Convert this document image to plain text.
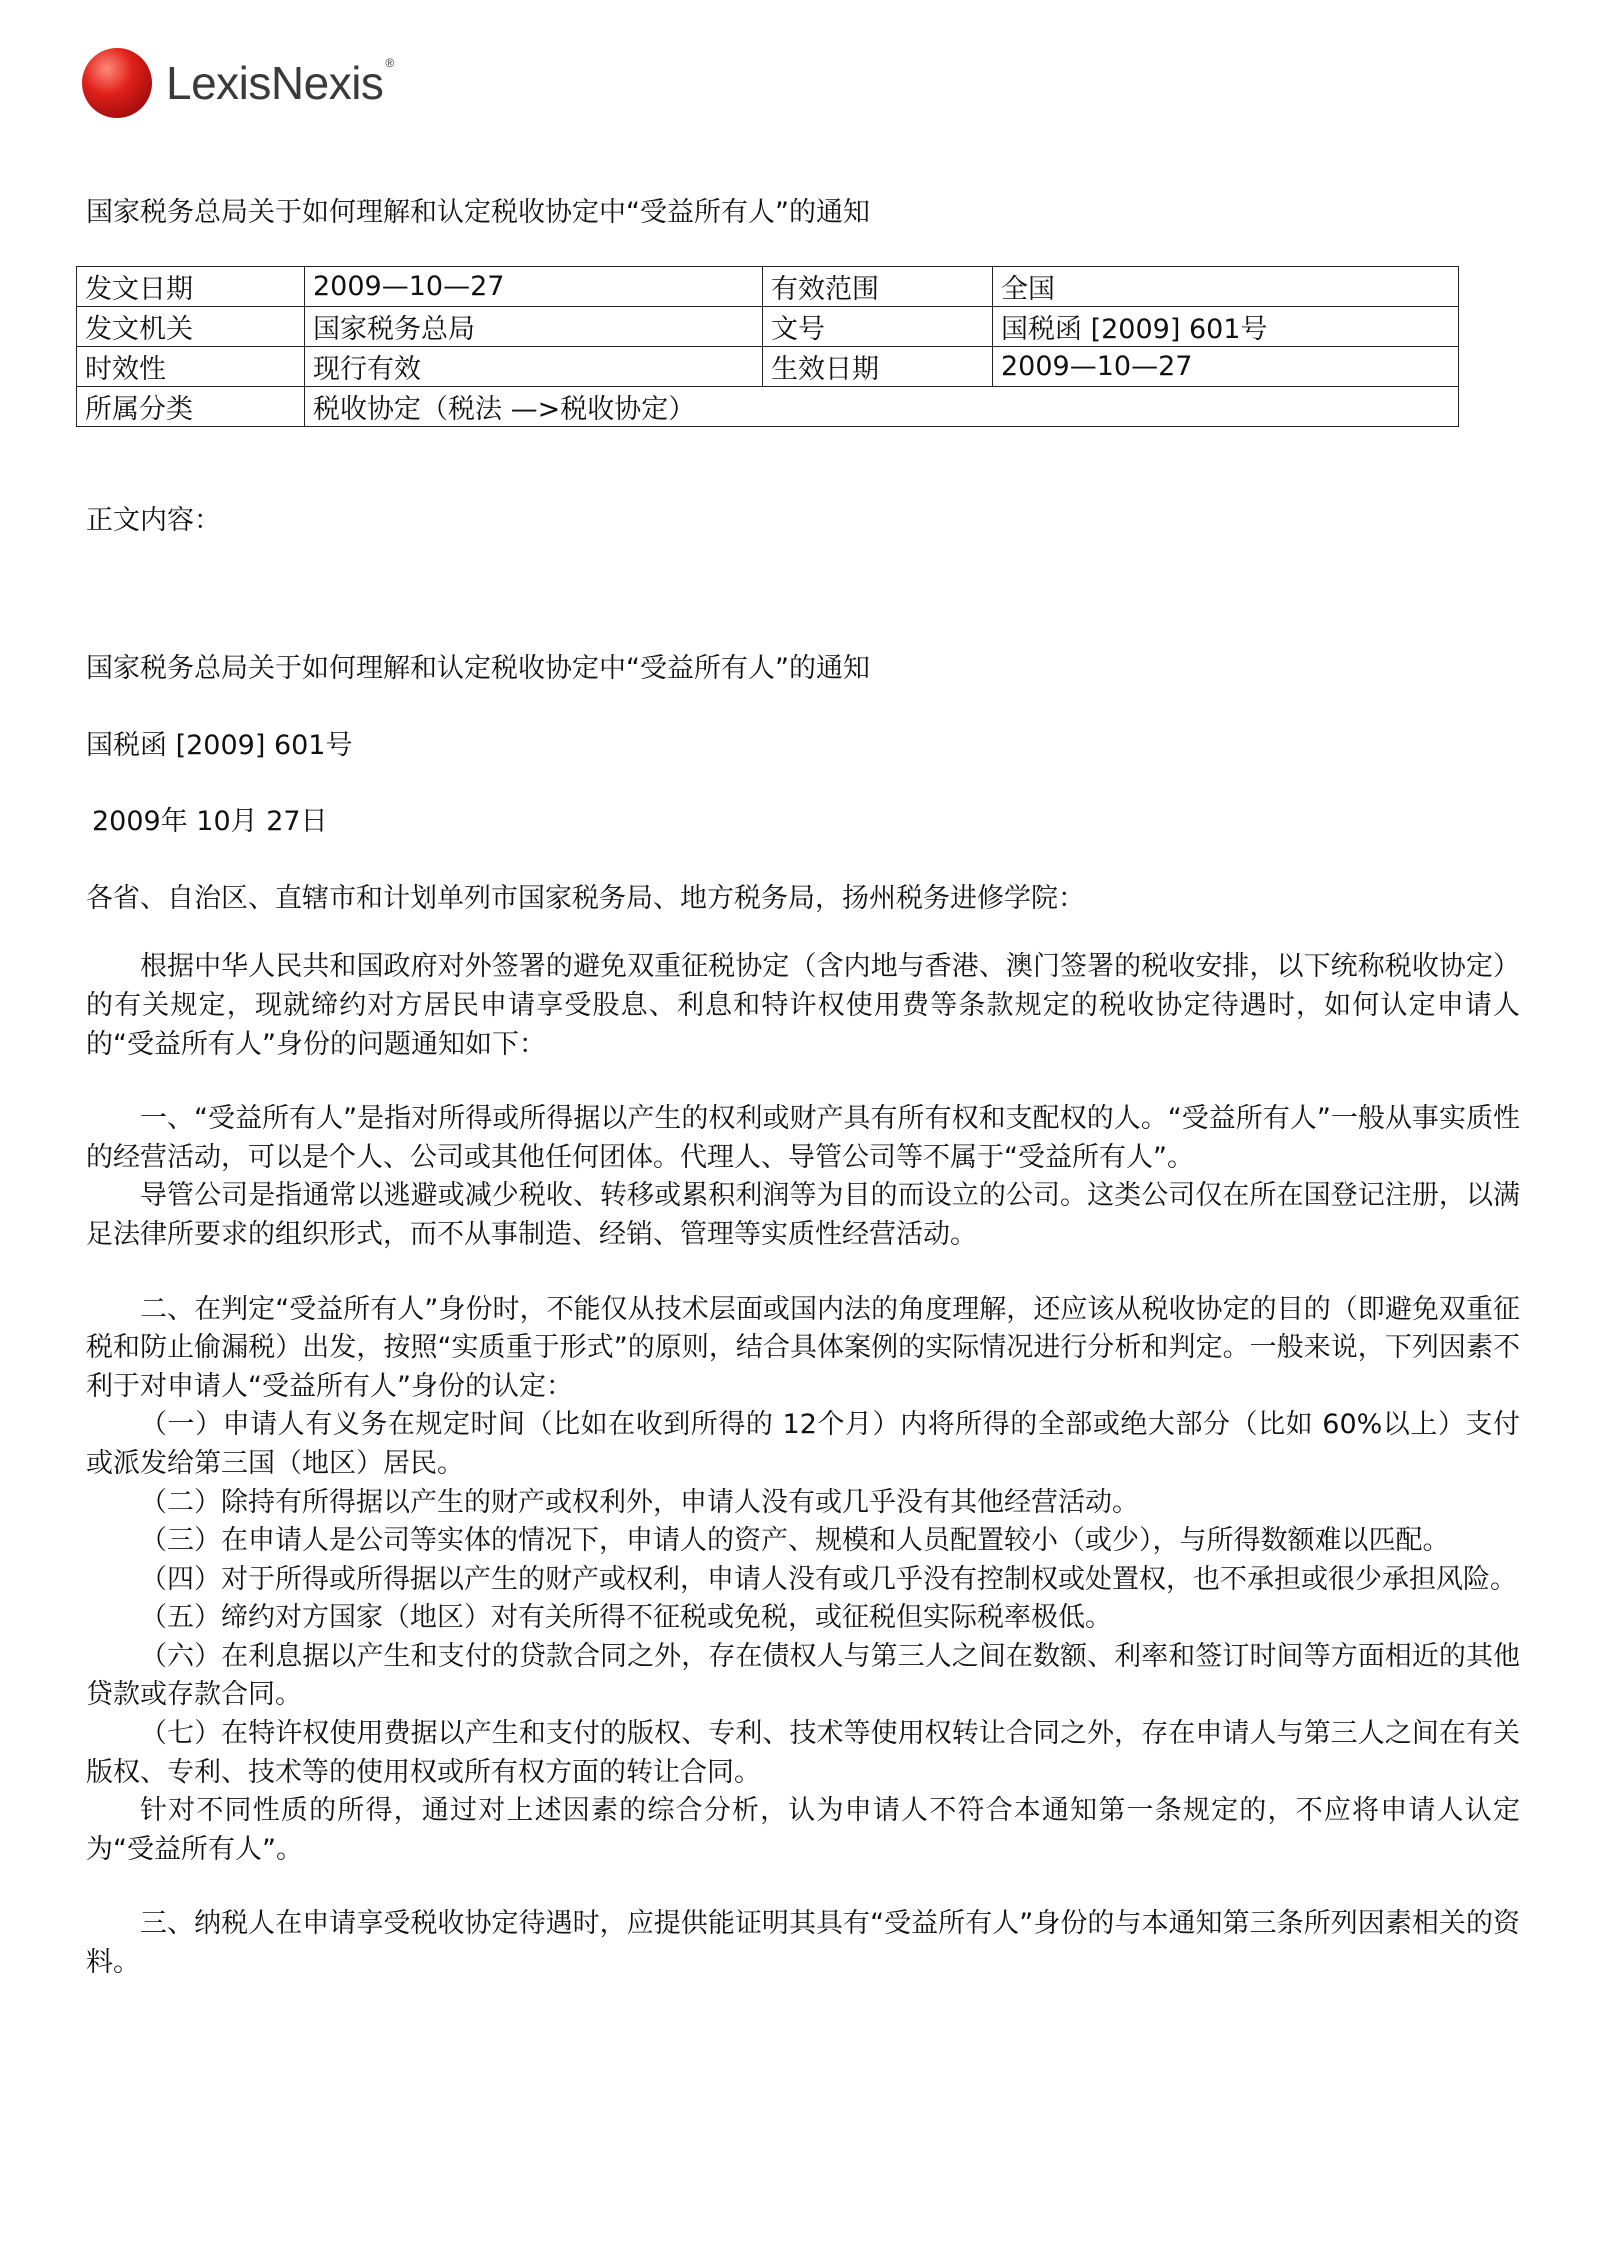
LexisNexis ®
国家税务总局关于如何理解和认定税收协定中“受益所有人”的通知
发文日期	2009—10—27	有效范围	全国
发文机关	国家税务总局	文号	国税函 [2009] 601号
时效性	现行有效	生效日期	2009—10—27
所属分类	税收协定（税法 —>税收协定）		
正文内容：

国家税务总局关于如何理解和认定税收协定中“受益所有人”的通知

国税函 [2009] 601号

2009年 10月 27日

各省、自治区、直辖市和计划单列市国家税务局、地方税务局，扬州税务进修学院：

根据中华人民共和国政府对外签署的避免双重征税协定（含内地与香港、澳门签署的税收安排，以下统称税收协定）的有关规定，现就缔约对方居民申请享受股息、利息和特许权使用费等条款规定的税收协定待遇时，如何认定申请人的“受益所有人”身份的问题通知如下：

一、“受益所有人”是指对所得或所得据以产生的权利或财产具有所有权和支配权的人。“受益所有人”一般从事实质性的经营活动，可以是个人、公司或其他任何团体。代理人、导管公司等不属于“受益所有人”。

导管公司是指通常以逃避或减少税收、转移或累积利润等为目的而设立的公司。这类公司仅在所在国登记注册，以满足法律所要求的组织形式，而不从事制造、经销、管理等实质性经营活动。

二、在判定“受益所有人”身份时，不能仅从技术层面或国内法的角度理解，还应该从税收协定的目的（即避免双重征税和防止偷漏税）出发，按照“实质重于形式”的原则，结合具体案例的实际情况进行分析和判定。一般来说，下列因素不利于对申请人“受益所有人”身份的认定：

（一）申请人有义务在规定时间（比如在收到所得的 12个月）内将所得的全部或绝大部分（比如 60%以上）支付或派发给第三国（地区）居民。

（二）除持有所得据以产生的财产或权利外，申请人没有或几乎没有其他经营活动。

（三）在申请人是公司等实体的情况下，申请人的资产、规模和人员配置较小（或少），与所得数额难以匹配。

（四）对于所得或所得据以产生的财产或权利，申请人没有或几乎没有控制权或处置权，也不承担或很少承担风险。

（五）缔约对方国家（地区）对有关所得不征税或免税，或征税但实际税率极低。

（六）在利息据以产生和支付的贷款合同之外，存在债权人与第三人之间在数额、利率和签订时间等方面相近的其他贷款或存款合同。

（七）在特许权使用费据以产生和支付的版权、专利、技术等使用权转让合同之外，存在申请人与第三人之间在有关版权、专利、技术等的使用权或所有权方面的转让合同。

针对不同性质的所得，通过对上述因素的综合分析，认为申请人不符合本通知第一条规定的，不应将申请人认定为“受益所有人”。

三、纳税人在申请享受税收协定待遇时，应提供能证明其具有“受益所有人”身份的与本通知第三条所列因素相关的资料。
